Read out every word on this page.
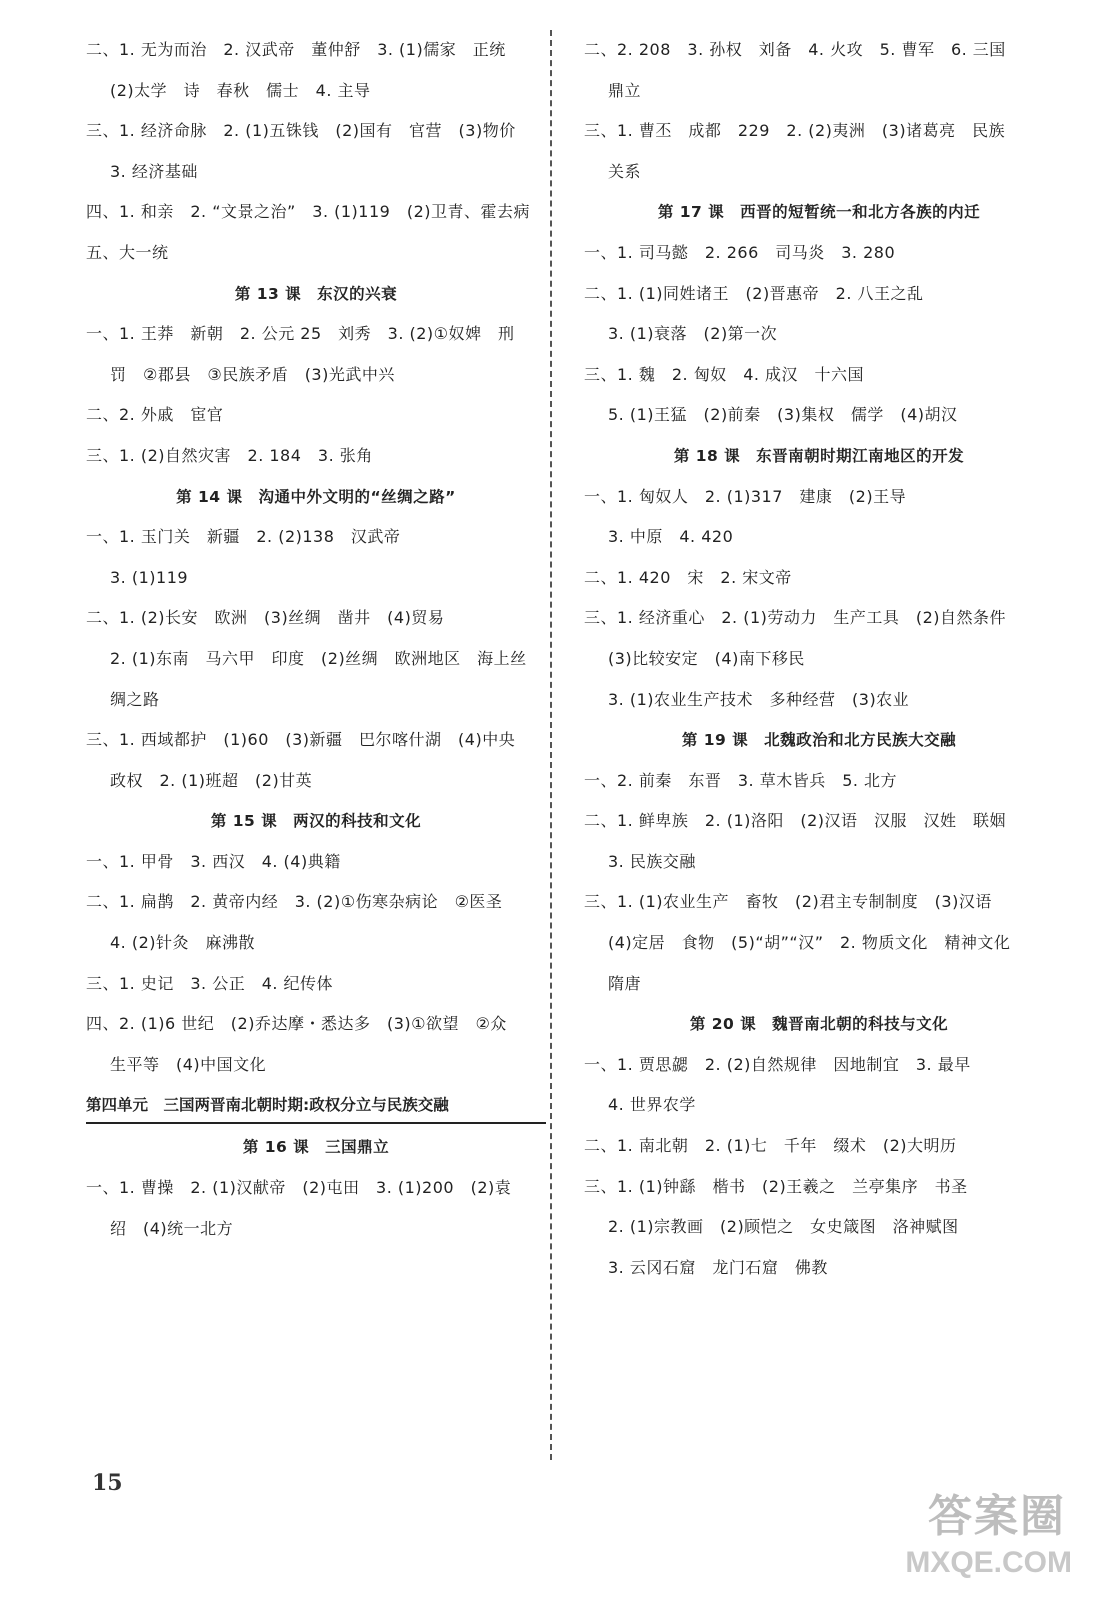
二、1. 无为而治　2. 汉武帝　董仲舒　3. (1)儒家　正统
(2)太学　诗　春秋　儒士　4. 主导
三、1. 经济命脉　2. (1)五铢钱　(2)国有　官营　(3)物价
3. 经济基础
四、1. 和亲　2. “文景之治”　3. (1)119　(2)卫青、霍去病
五、大一统
第 13 课　东汉的兴衰
一、1. 王莽　新朝　2. 公元 25　刘秀　3. (2)①奴婢　刑
罚　②郡县　③民族矛盾　(3)光武中兴
二、2. 外戚　宦官
三、1. (2)自然灾害　2. 184　3. 张角
第 14 课　沟通中外文明的“丝绸之路”
一、1. 玉门关　新疆　2. (2)138　汉武帝
3. (1)119
二、1. (2)长安　欧洲　(3)丝绸　凿井　(4)贸易
2. (1)东南　马六甲　印度　(2)丝绸　欧洲地区　海上丝
绸之路
三、1. 西域都护　(1)60　(3)新疆　巴尔喀什湖　(4)中央
政权　2. (1)班超　(2)甘英
第 15 课　两汉的科技和文化
一、1. 甲骨　3. 西汉　4. (4)典籍
二、1. 扁鹊　2. 黄帝内经　3. (2)①伤寒杂病论　②医圣
4. (2)针灸　麻沸散
三、1. 史记　3. 公正　4. 纪传体
四、2. (1)6 世纪　(2)乔达摩・悉达多　(3)①欲望　②众
生平等　(4)中国文化
第四单元　三国两晋南北朝时期:政权分立与民族交融
第 16 课　三国鼎立
一、1. 曹操　2. (1)汉献帝　(2)屯田　3. (1)200　(2)袁
绍　(4)统一北方
二、2. 208　3. 孙权　刘备　4. 火攻　5. 曹军　6. 三国
鼎立
三、1. 曹丕　成都　229　2. (2)夷洲　(3)诸葛亮　民族
关系
第 17 课　西晋的短暂统一和北方各族的内迁
一、1. 司马懿　2. 266　司马炎　3. 280
二、1. (1)同姓诸王　(2)晋惠帝　2. 八王之乱
3. (1)衰落　(2)第一次
三、1. 魏　2. 匈奴　4. 成汉　十六国
5. (1)王猛　(2)前秦　(3)集权　儒学　(4)胡汉
第 18 课　东晋南朝时期江南地区的开发
一、1. 匈奴人　2. (1)317　建康　(2)王导
3. 中原　4. 420
二、1. 420　宋　2. 宋文帝
三、1. 经济重心　2. (1)劳动力　生产工具　(2)自然条件
(3)比较安定　(4)南下移民
3. (1)农业生产技术　多种经营　(3)农业
第 19 课　北魏政治和北方民族大交融
一、2. 前秦　东晋　3. 草木皆兵　5. 北方
二、1. 鲜卑族　2. (1)洛阳　(2)汉语　汉服　汉姓　联姻
3. 民族交融
三、1. (1)农业生产　畜牧　(2)君主专制制度　(3)汉语
(4)定居　食物　(5)“胡”“汉”　2. 物质文化　精神文化
隋唐
第 20 课　魏晋南北朝的科技与文化
一、1. 贾思勰　2. (2)自然规律　因地制宜　3. 最早
4. 世界农学
二、1. 南北朝　2. (1)七　千年　缀术　(2)大明历
三、1. (1)钟繇　楷书　(2)王羲之　兰亭集序　书圣
2. (1)宗教画　(2)顾恺之　女史箴图　洛神赋图
3. 云冈石窟　龙门石窟　佛教
15
答案圈
MXQE.COM
